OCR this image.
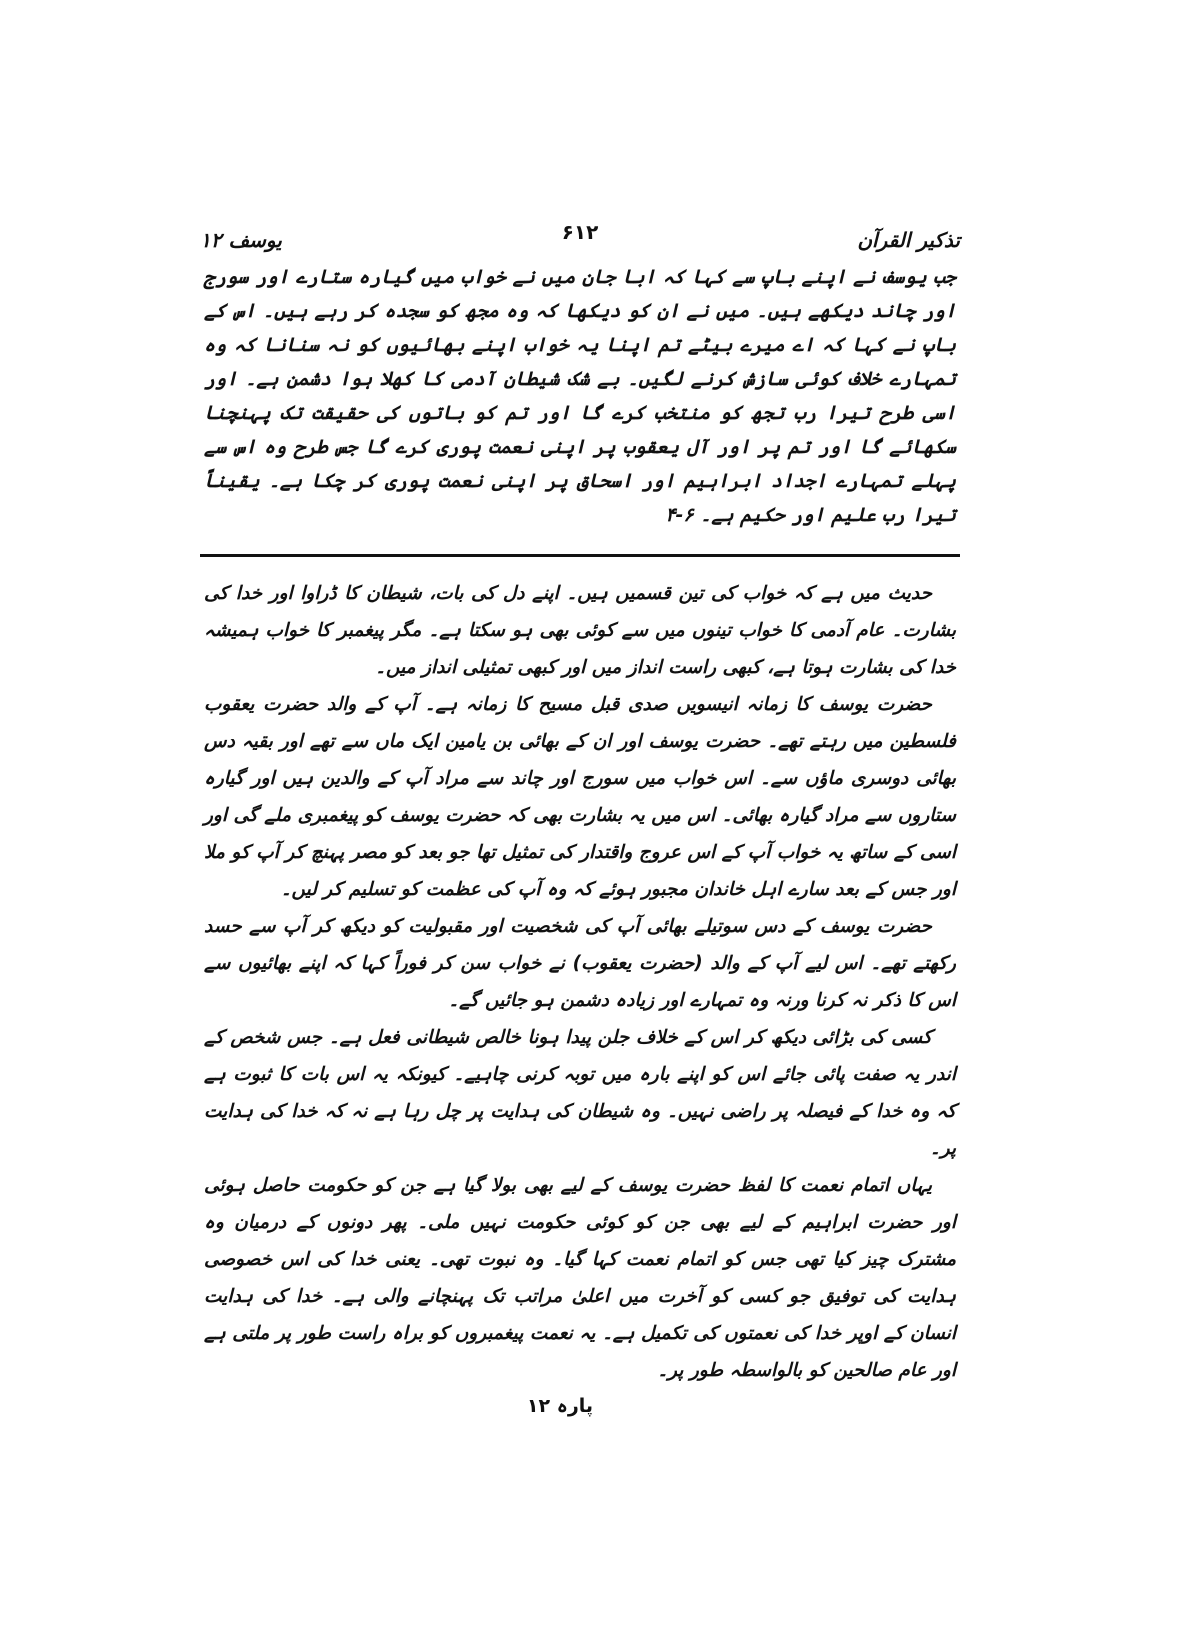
تذکیر القرآن
۶۱۲
یوسف ۱۲

جب یوسف نے اپنے باپ سے کہا کہ ابا جان میں نے خواب میں گیارہ ستارے اور سورج اور چاند دیکھے ہیں۔ میں نے ان کو دیکھا کہ وہ مجھ کو سجدہ کر رہے ہیں۔ اس کے باپ نے کہا کہ اے میرے بیٹے تم اپنا یہ خواب اپنے بھائیوں کو نہ سنانا کہ وہ تمہارے خلاف کوئی سازش کرنے لگیں۔ بے شک شیطان آدمی کا کھلا ہوا دشمن ہے۔ اور اسی طرح تیرا رب تجھ کو منتخب کرے گا اور تم کو باتوں کی حقیقت تک پہنچنا سکھائے گا اور تم پر اور آل یعقوب پر اپنی نعمت پوری کرے گا جس طرح وہ اس سے پہلے تمہارے اجداد ابراہیم اور اسحاق پر اپنی نعمت پوری کر چکا ہے۔ یقیناً تیرا رب علیم اور حکیم ہے۔ ۶-۴

حدیث میں ہے کہ خواب کی تین قسمیں ہیں۔ اپنے دل کی بات، شیطان کا ڈراوا اور خدا کی بشارت۔ عام آدمی کا خواب تینوں میں سے کوئی بھی ہو سکتا ہے۔ مگر پیغمبر کا خواب ہمیشہ خدا کی بشارت ہوتا ہے، کبھی راست انداز میں اور کبھی تمثیلی انداز میں۔

حضرت یوسف کا زمانہ انیسویں صدی قبل مسیح کا زمانہ ہے۔ آپ کے والد حضرت یعقوب فلسطین میں رہتے تھے۔ حضرت یوسف اور ان کے بھائی بن یامین ایک ماں سے تھے اور بقیہ دس بھائی دوسری ماؤں سے۔ اس خواب میں سورج اور چاند سے مراد آپ کے والدین ہیں اور گیارہ ستاروں سے مراد گیارہ بھائی۔ اس میں یہ بشارت بھی کہ حضرت یوسف کو پیغمبری ملے گی اور اسی کے ساتھ یہ خواب آپ کے اس عروج واقتدار کی تمثیل تھا جو بعد کو مصر پہنچ کر آپ کو ملا اور جس کے بعد سارے اہل خاندان مجبور ہوئے کہ وہ آپ کی عظمت کو تسلیم کر لیں۔

حضرت یوسف کے دس سوتیلے بھائی آپ کی شخصیت اور مقبولیت کو دیکھ کر آپ سے حسد رکھتے تھے۔ اس لیے آپ کے والد (حضرت یعقوب) نے خواب سن کر فوراً کہا کہ اپنے بھائیوں سے اس کا ذکر نہ کرنا ورنہ وہ تمہارے اور زیادہ دشمن ہو جائیں گے۔

کسی کی بڑائی دیکھ کر اس کے خلاف جلن پیدا ہونا خالص شیطانی فعل ہے۔ جس شخص کے اندر یہ صفت پائی جائے اس کو اپنے بارہ میں توبہ کرنی چاہیے۔ کیونکہ یہ اس بات کا ثبوت ہے کہ وہ خدا کے فیصلہ پر راضی نہیں۔ وہ شیطان کی ہدایت پر چل رہا ہے نہ کہ خدا کی ہدایت پر۔

یہاں اتمام نعمت کا لفظ حضرت یوسف کے لیے بھی بولا گیا ہے جن کو حکومت حاصل ہوئی اور حضرت ابراہیم کے لیے بھی جن کو کوئی حکومت نہیں ملی۔ پھر دونوں کے درمیان وہ مشترک چیز کیا تھی جس کو اتمام نعمت کہا گیا۔ وہ نبوت تھی۔ یعنی خدا کی اس خصوصی ہدایت کی توفیق جو کسی کو آخرت میں اعلیٰ مراتب تک پہنچانے والی ہے۔ خدا کی ہدایت انسان کے اوپر خدا کی نعمتوں کی تکمیل ہے۔ یہ نعمت پیغمبروں کو براہ راست طور پر ملتی ہے اور عام صالحین کو بالواسطہ طور پر۔

پارہ ۱۲
